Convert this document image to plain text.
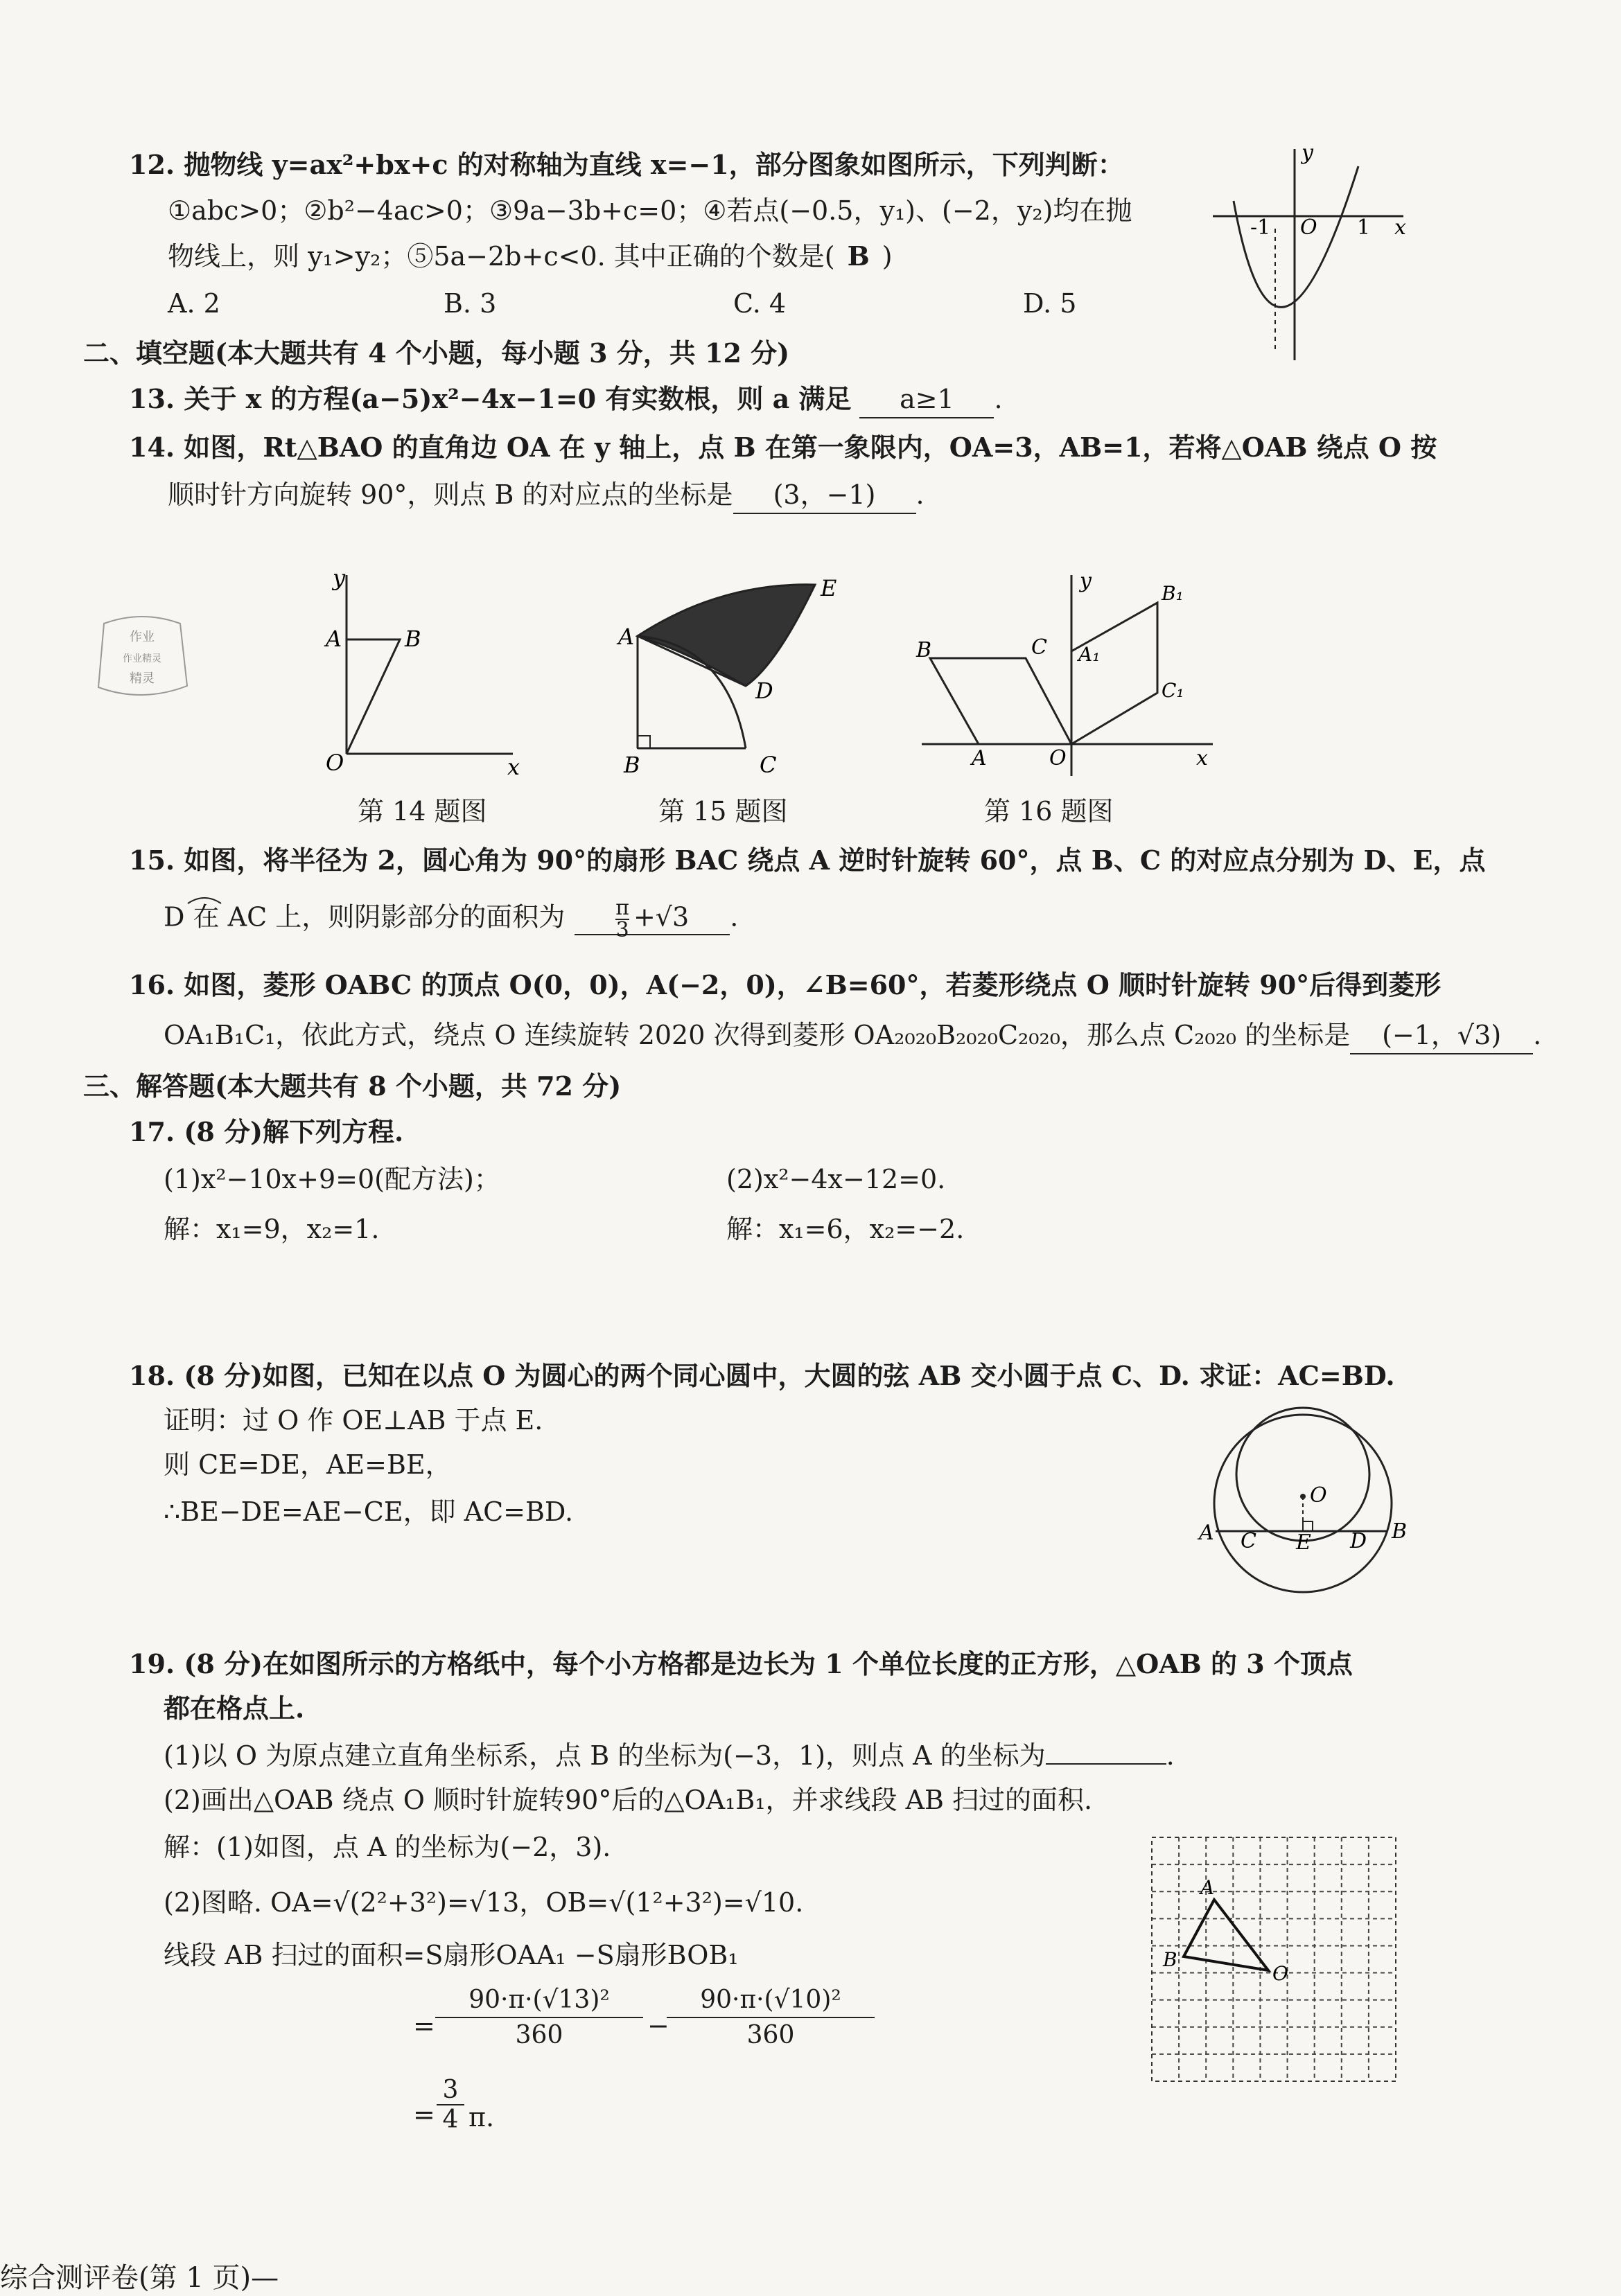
12. 抛物线 y=ax²+bx+c 的对称轴为直线 x=−1，部分图象如图所示，下列判断：
①abc>0；②b²−4ac>0；③9a−3b+c=0；④若点(−0.5，y₁)、(−2，y₂)均在抛
物线上，则 y₁>y₂；⑤5a−2b+c<0. 其中正确的个数是( B )
A. 2	B. 3	C. 4	D. 5
y
x
O
-1	1
二、填空题(本大题共有 4 个小题，每小题 3 分，共 12 分)
13. 关于 x 的方程(a−5)x²−4x−1=0 有实数根，则 a 满足 a≥1 .
14. 如图，Rt△BAO 的直角边 OA 在 y 轴上，点 B 在第一象限内，OA=3，AB=1，若将△OAB 绕点 O 按
顺时针方向旋转 90°，则点 B 的对应点的坐标是 (3，−1) .
y
A	B
O	x
第 14 题图
A
B	C
D
E
第 15 题图
y
B	C
A	O	x
A₁
B₁
C₁
第 16 题图
作业
作业精灵
精灵
15. 如图，将半径为 2，圆心角为 90°的扇形 BAC 绕点 A 逆时针旋转 60°，点 B、C 的对应点分别为 D、E，点
D 在 AC 上，则阴影部分的面积为 $\frac{\pi}{3} +√3$ .
16. 如图，菱形 OABC 的顶点 O(0，0)，A(−2，0)，∠B=60°，若菱形绕点 O 顺时针旋转 90°后得到菱形
OA₁B₁C₁，依此方式，绕点 O 连续旋转 2020 次得到菱形 OA₂₀₂₀B₂₀₂₀C₂₀₂₀，那么点 C₂₀₂₀ 的坐标是 (−1，√3) .
三、解答题(本大题共有 8 个小题，共 72 分)
17. (8 分)解下列方程.
(1)x²−10x+9=0(配方法)；	(2)x²−4x−12=0.
解：x₁=9，x₂=1.	解：x₁=6，x₂=−2.
18. (8 分)如图，已知在以点 O 为圆心的两个同心圆中，大圆的弦 AB 交小圆于点 C、D. 求证：AC=BD.
证明：过 O 作 OE⊥AB 于点 E.
则 CE=DE，AE=BE，
∴BE−DE=AE−CE，即 AC=BD.
O
A C E D B
19. (8 分)在如图所示的方格纸中，每个小方格都是边长为 1 个单位长度的正方形，△OAB 的 3 个顶点
都在格点上.
(1)以 O 为原点建立直角坐标系，点 B 的坐标为(−3，1)，则点 A 的坐标为	.
(2)画出△OAB 绕点 O 顺时针旋转90°后的△OA₁B₁，并求线段 AB 扫过的面积.
解：(1)如图，点 A 的坐标为(−2，3).
(2)图略. OA=√(2²+3²)=√13，OB=√(1²+3²)=√10.
线段 AB 扫过的面积=S扇形OAA₁ −S扇形BOB₁
= $\frac{\text{90·π·(√13)²}}{360}$ −
$\frac{\text{90·π·(√10)²}}{360}$
= $\frac{3}{4} \pi$.
A
B
O
综合测评卷(第 1 页)—
